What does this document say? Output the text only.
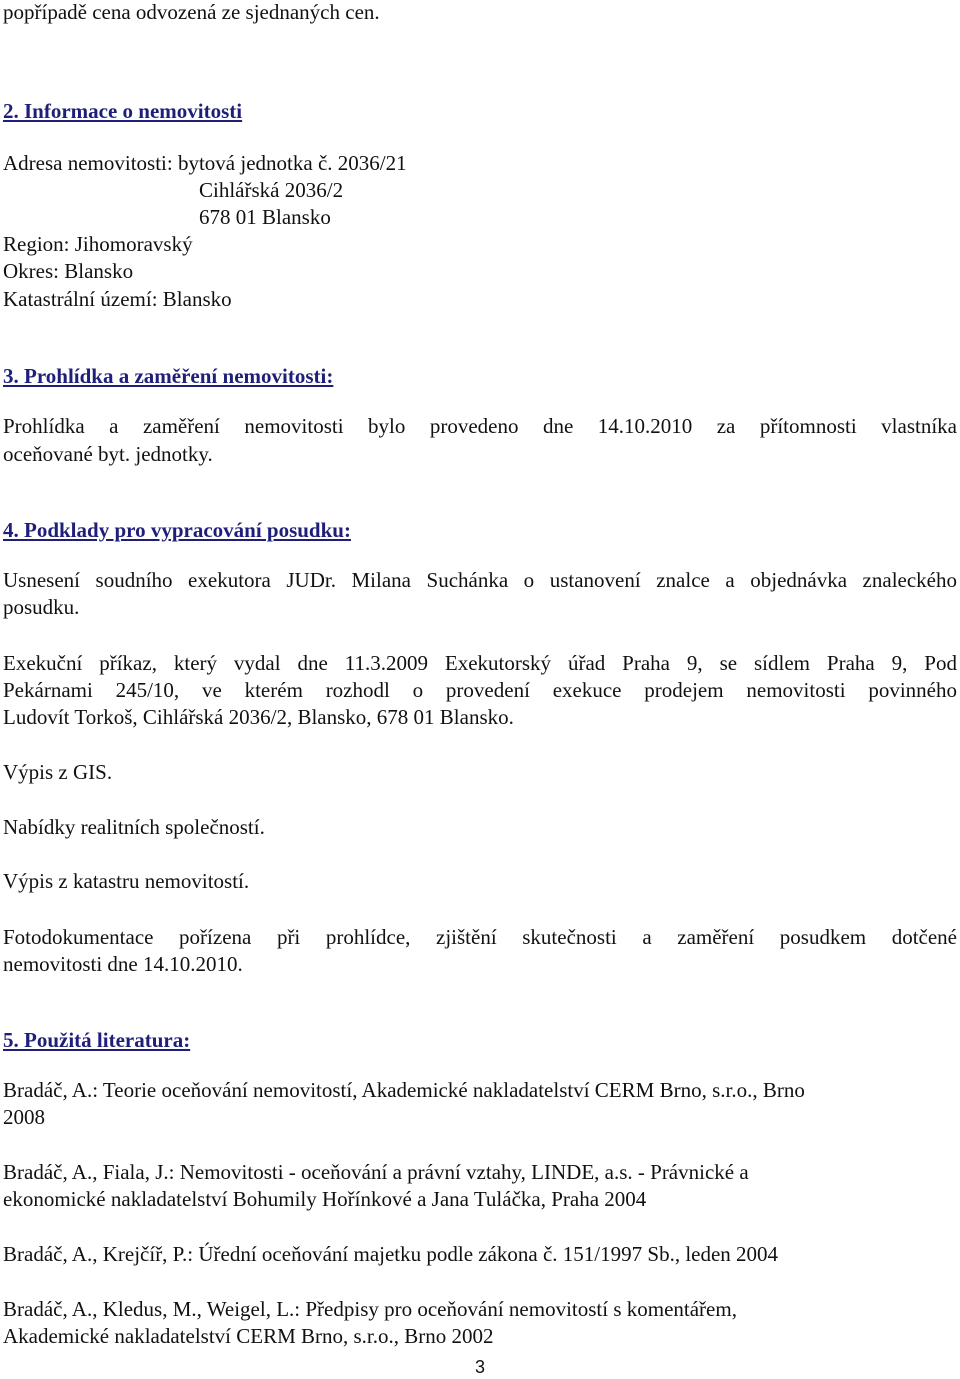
popřípadě cena odvozená ze sjednaných cen.
2. Informace o nemovitosti
Adresa nemovitosti: bytová jednotka č. 2036/21
Cihlářská 2036/2
678 01 Blansko
Region: Jihomoravský
Okres: Blansko
Katastrální území: Blansko
3. Prohlídka a zaměření nemovitosti:
Prohlídka a zaměření nemovitosti bylo provedeno dne 14.10.2010 za přítomnosti vlastníka
oceňované byt. jednotky.
4. Podklady pro vypracování posudku:
Usnesení soudního exekutora JUDr. Milana Suchánka o ustanovení znalce a objednávka znaleckého
posudku.
Exekuční příkaz, který vydal dne 11.3.2009 Exekutorský úřad Praha 9, se sídlem Praha 9, Pod
Pekárnami 245/10, ve kterém rozhodl o provedení exekuce prodejem nemovitosti povinného
Ludovít Torkoš, Cihlářská 2036/2, Blansko, 678 01 Blansko.
Výpis z GIS.
Nabídky realitních společností.
Výpis z katastru nemovitostí.
Fotodokumentace pořízena při prohlídce, zjištění skutečnosti a zaměření posudkem dotčené
nemovitosti dne 14.10.2010.
5. Použitá literatura:
Bradáč, A.: Teorie oceňování nemovitostí, Akademické nakladatelství CERM Brno, s.r.o., Brno
2008
Bradáč, A., Fiala, J.: Nemovitosti - oceňování a právní vztahy, LINDE, a.s. - Právnické a
ekonomické nakladatelství Bohumily Hořínkové a Jana Tuláčka, Praha 2004
Bradáč, A., Krejčíř, P.: Úřední oceňování majetku podle zákona č. 151/1997 Sb., leden 2004
Bradáč, A., Kledus, M., Weigel, L.: Předpisy pro oceňování nemovitostí s komentářem,
Akademické nakladatelství CERM Brno, s.r.o., Brno 2002
3
